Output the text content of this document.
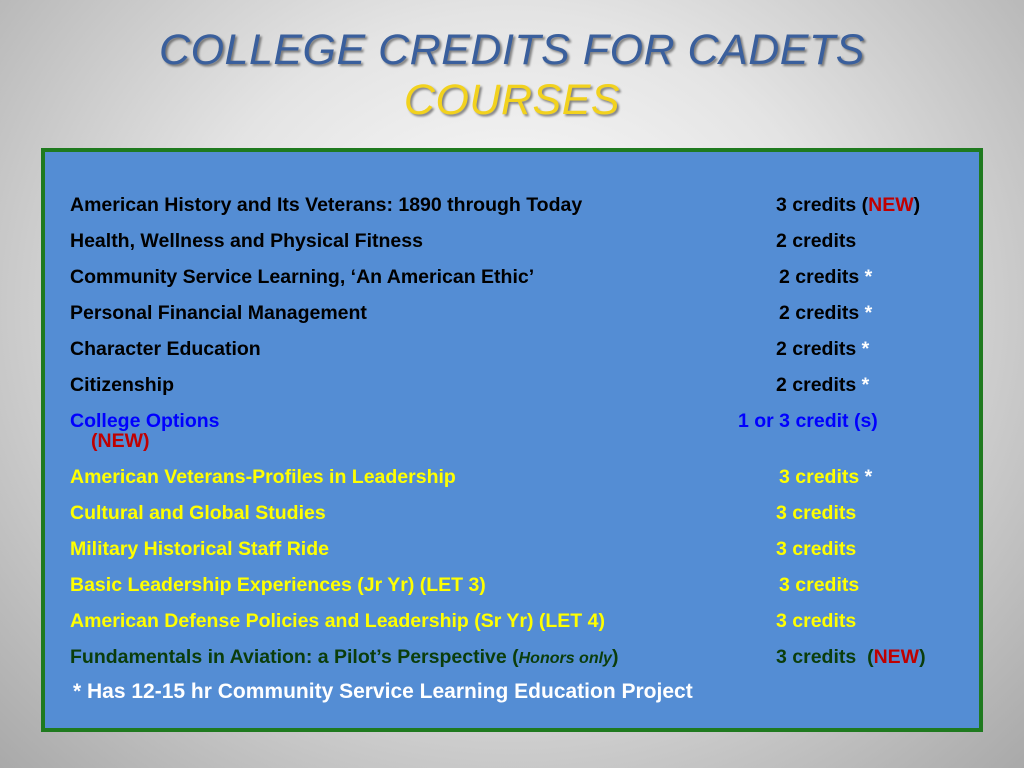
COLLEGE CREDITS FOR CADETS
COURSES
American History and Its Veterans: 1890 through Today	3 credits (NEW)
Health, Wellness and Physical Fitness	2 credits
Community Service Learning, ‘An American Ethic’	2 credits *
Personal Financial Management	2 credits *
Character Education	2 credits *
Citizenship	2 credits *
College Options	1 or 3 credit (s)
(NEW)
American Veterans-Profiles in Leadership	3 credits *
Cultural and Global Studies	3 credits
Military Historical Staff Ride	3 credits
Basic Leadership Experiences (Jr Yr) (LET 3)	3 credits
American Defense Policies and Leadership (Sr Yr) (LET 4)	3 credits
Fundamentals in Aviation: a Pilot’s Perspective (Honors only)	3 credits (NEW)
* Has 12-15 hr Community Service Learning Education Project
